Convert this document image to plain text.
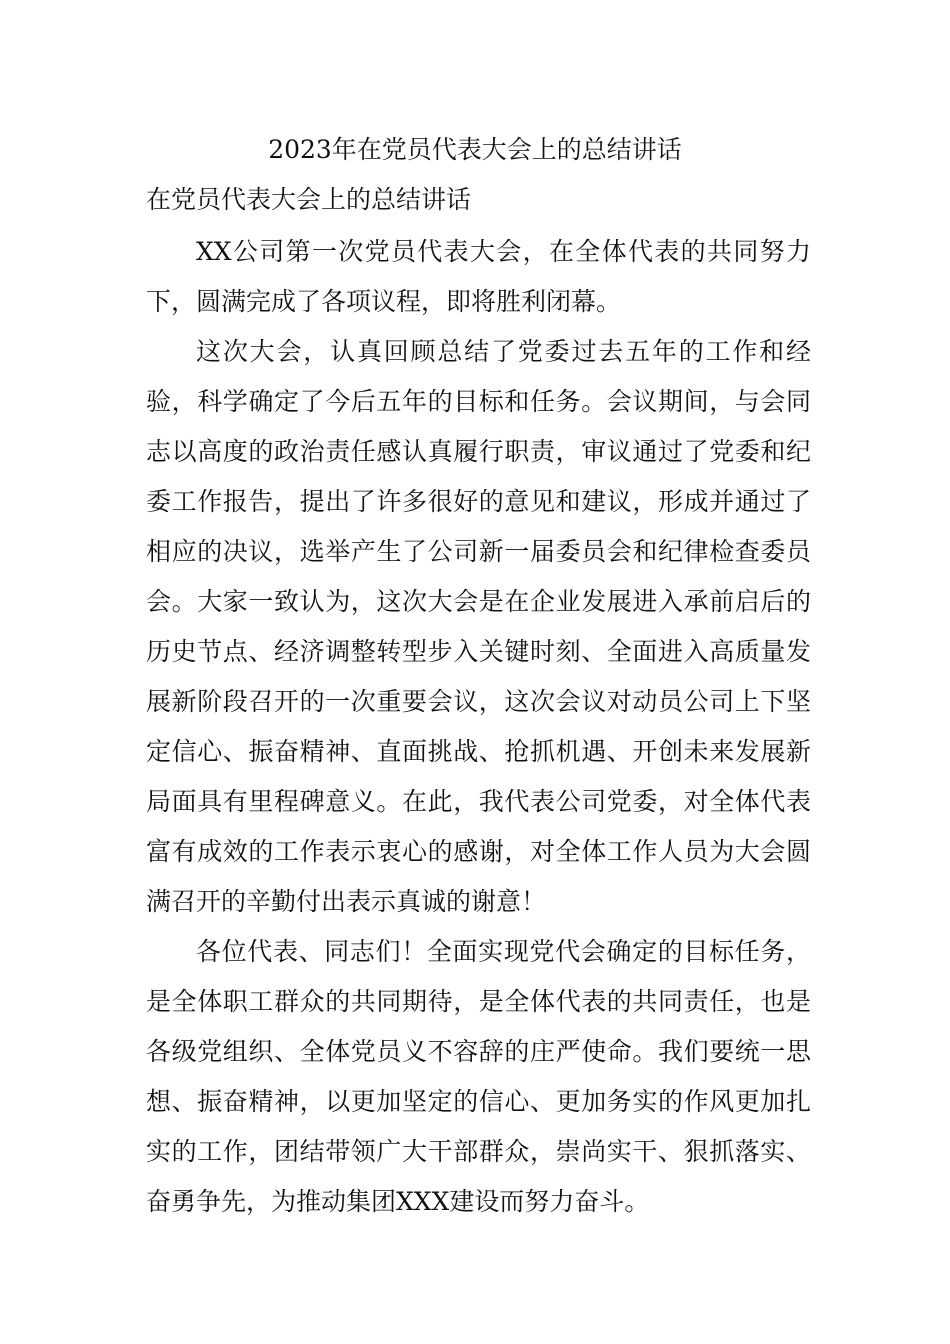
2023年在党员代表大会上的总结讲话
在党员代表大会上的总结讲话

XX公司第一次党员代表大会，在全体代表的共同努力下，圆满完成了各项议程，即将胜利闭幕。

这次大会，认真回顾总结了党委过去五年的工作和经验，科学确定了今后五年的目标和任务。会议期间，与会同志以高度的政治责任感认真履行职责，审议通过了党委和纪委工作报告，提出了许多很好的意见和建议，形成并通过了相应的决议，选举产生了公司新一届委员会和纪律检查委员会。大家一致认为，这次大会是在企业发展进入承前启后的历史节点、经济调整转型步入关键时刻、全面进入高质量发展新阶段召开的一次重要会议，这次会议对动员公司上下坚定信心、振奋精神、直面挑战、抢抓机遇、开创未来发展新局面具有里程碑意义。在此，我代表公司党委，对全体代表富有成效的工作表示衷心的感谢，对全体工作人员为大会圆满召开的辛勤付出表示真诚的谢意！

各位代表、同志们！全面实现党代会确定的目标任务，是全体职工群众的共同期待，是全体代表的共同责任，也是各级党组织、全体党员义不容辞的庄严使命。我们要统一思想、振奋精神，以更加坚定的信心、更加务实的作风更加扎实的工作，团结带领广大干部群众，崇尚实干、狠抓落实、奋勇争先，为推动集团XXX建设而努力奋斗。
